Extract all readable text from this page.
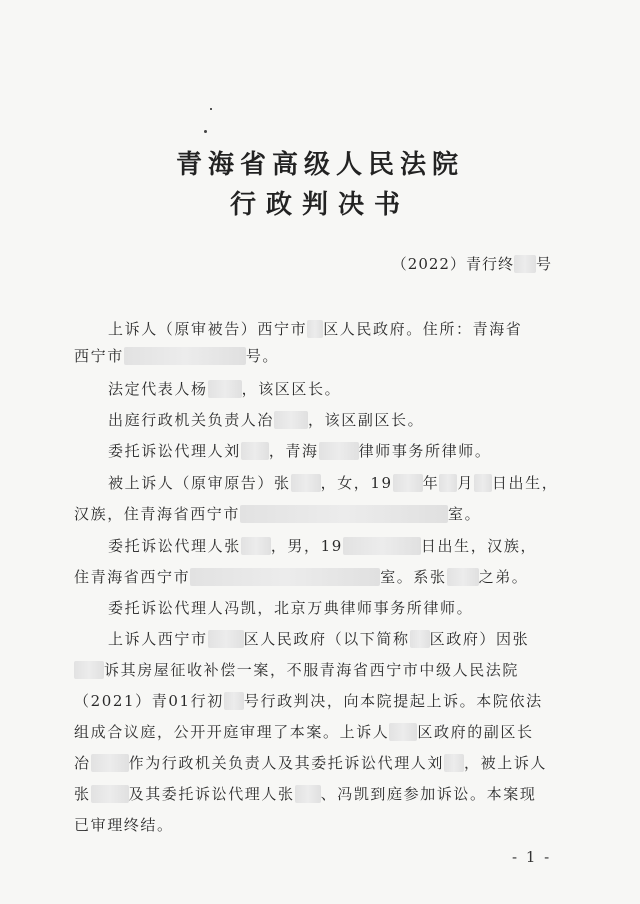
青海省高级人民法院
行政判决书
（2022）青行终 号
上诉人（原审被告）西宁市 区人民政府。住所：青海省
西宁市	号。
法定代表人杨 ，该区区长。
出庭行政机关负责人冶 ，该区副区长。
委托诉讼代理人刘 ，青海	律师事务所律师。
被上诉人（原审原告）张 ，女，19 年 月 日出生，
汉族，住青海省西宁市	室。
委托诉讼代理人张 ，男，19	日出生，汉族，
住青海省西宁市	室。系张 之弟。
委托诉讼代理人冯凯，北京万典律师事务所律师。
上诉人西宁市 区人民政府（以下简称 区政府）因张
诉其房屋征收补偿一案，不服青海省西宁市中级人民法院
（2021）青01行初 号行政判决，向本院提起上诉。本院依法
组成合议庭，公开开庭审理了本案。上诉人 区政府的副区长
冶	作为行政机关负责人及其委托诉讼代理人刘 ，被上诉人
张	及其委托诉讼代理人张 、冯凯到庭参加诉讼。本案现
已审理终结。
- 1 -
